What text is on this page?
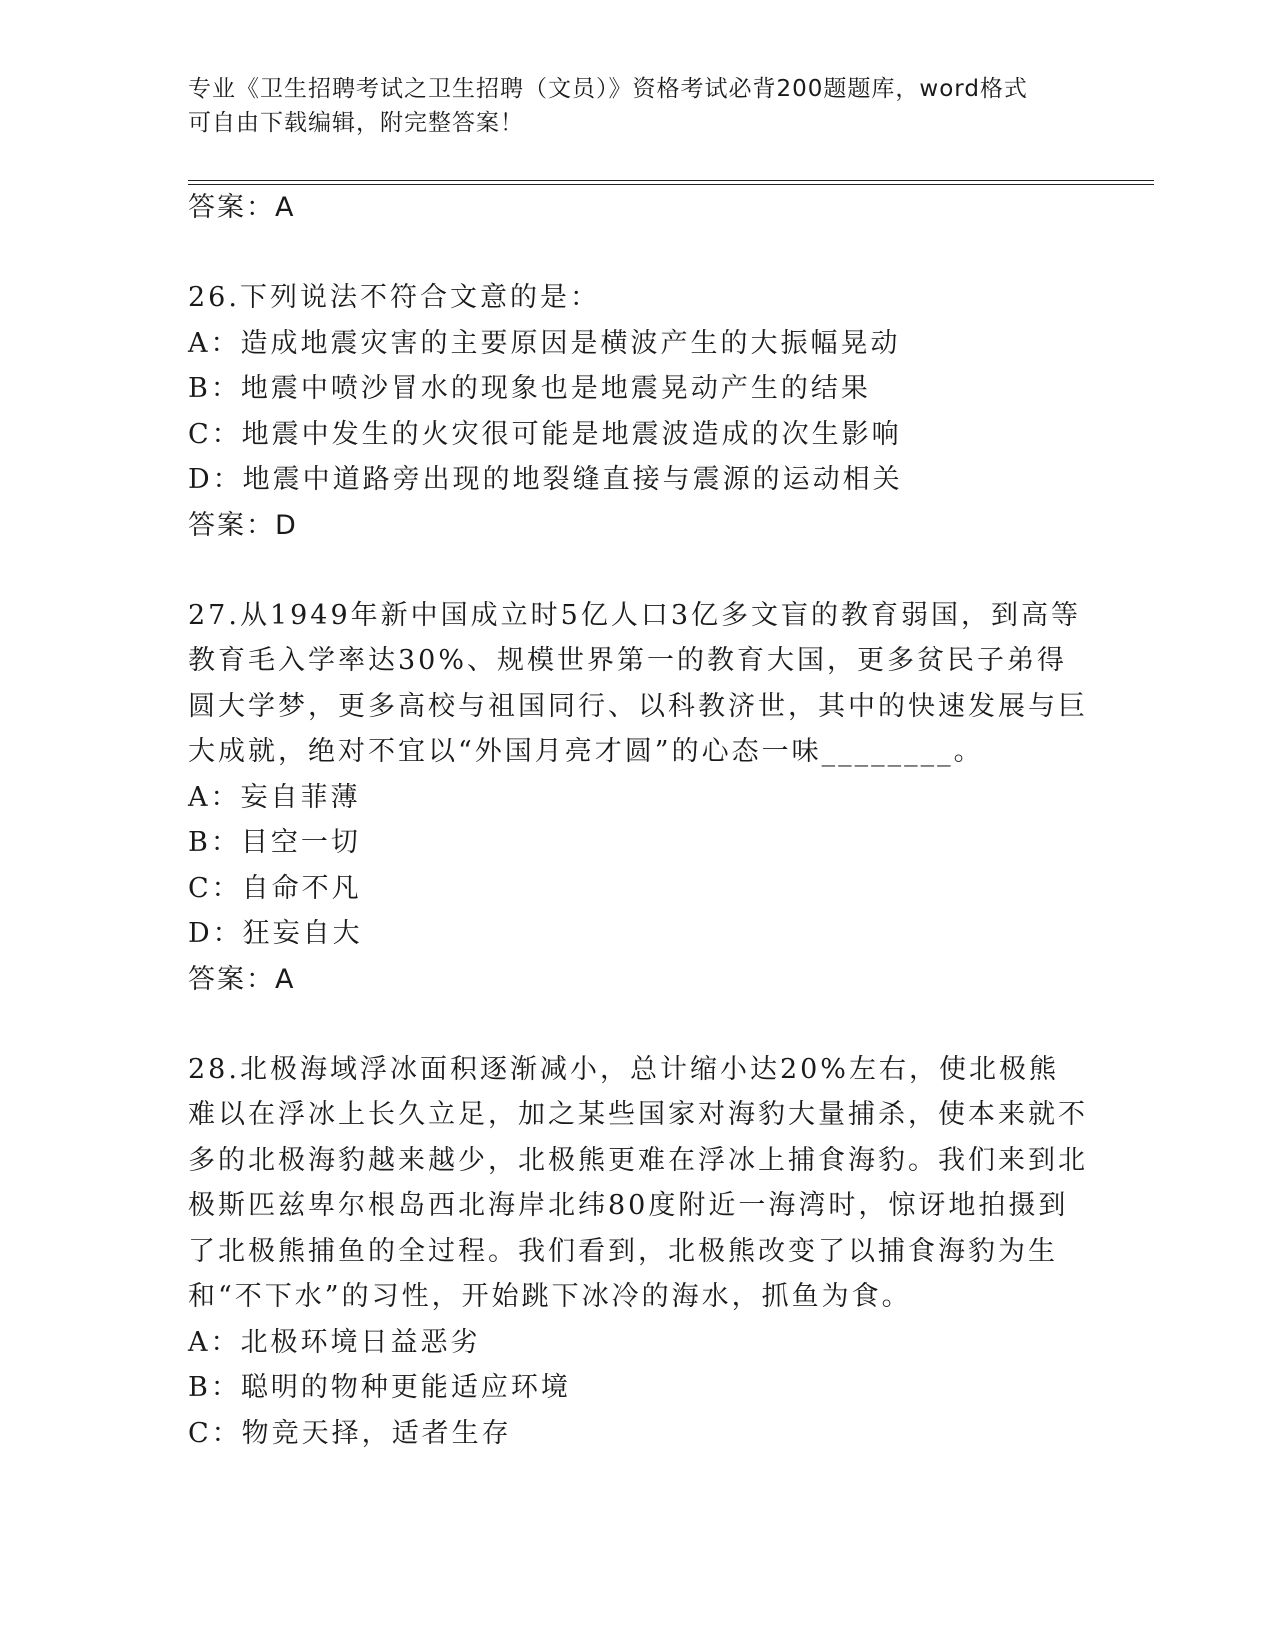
专业《卫生招聘考试之卫生招聘（文员）》资格考试必背200题题库，word格式
可自由下载编辑，附完整答案！
答案：A

26.下列说法不符合文意的是：

A：造成地震灾害的主要原因是横波产生的大振幅晃动
B：地震中喷沙冒水的现象也是地震晃动产生的结果
C：地震中发生的火灾很可能是地震波造成的次生影响
D：地震中道路旁出现的地裂缝直接与震源的运动相关
答案：D

27.从1949年新中国成立时5亿人口3亿多文盲的教育弱国，到高等教育毛入学率达30%、规模世界第一的教育大国，更多贫民子弟得圆大学梦，更多高校与祖国同行、以科教济世，其中的快速发展与巨大成就，绝对不宜以“外国月亮才圆”的心态一味________。

A：妄自菲薄
B：目空一切
C：自命不凡
D：狂妄自大
答案：A

28.北极海域浮冰面积逐渐减小，总计缩小达20%左右，使北极熊难以在浮冰上长久立足，加之某些国家对海豹大量捕杀，使本来就不多的北极海豹越来越少，北极熊更难在浮冰上捕食海豹。我们来到北极斯匹兹卑尔根岛西北海岸北纬80度附近一海湾时，惊讶地拍摄到了北极熊捕鱼的全过程。我们看到，北极熊改变了以捕食海豹为生和“不下水”的习性，开始跳下冰冷的海水，抓鱼为食。

A：北极环境日益恶劣
B：聪明的物种更能适应环境
C：物竞天择，适者生存
